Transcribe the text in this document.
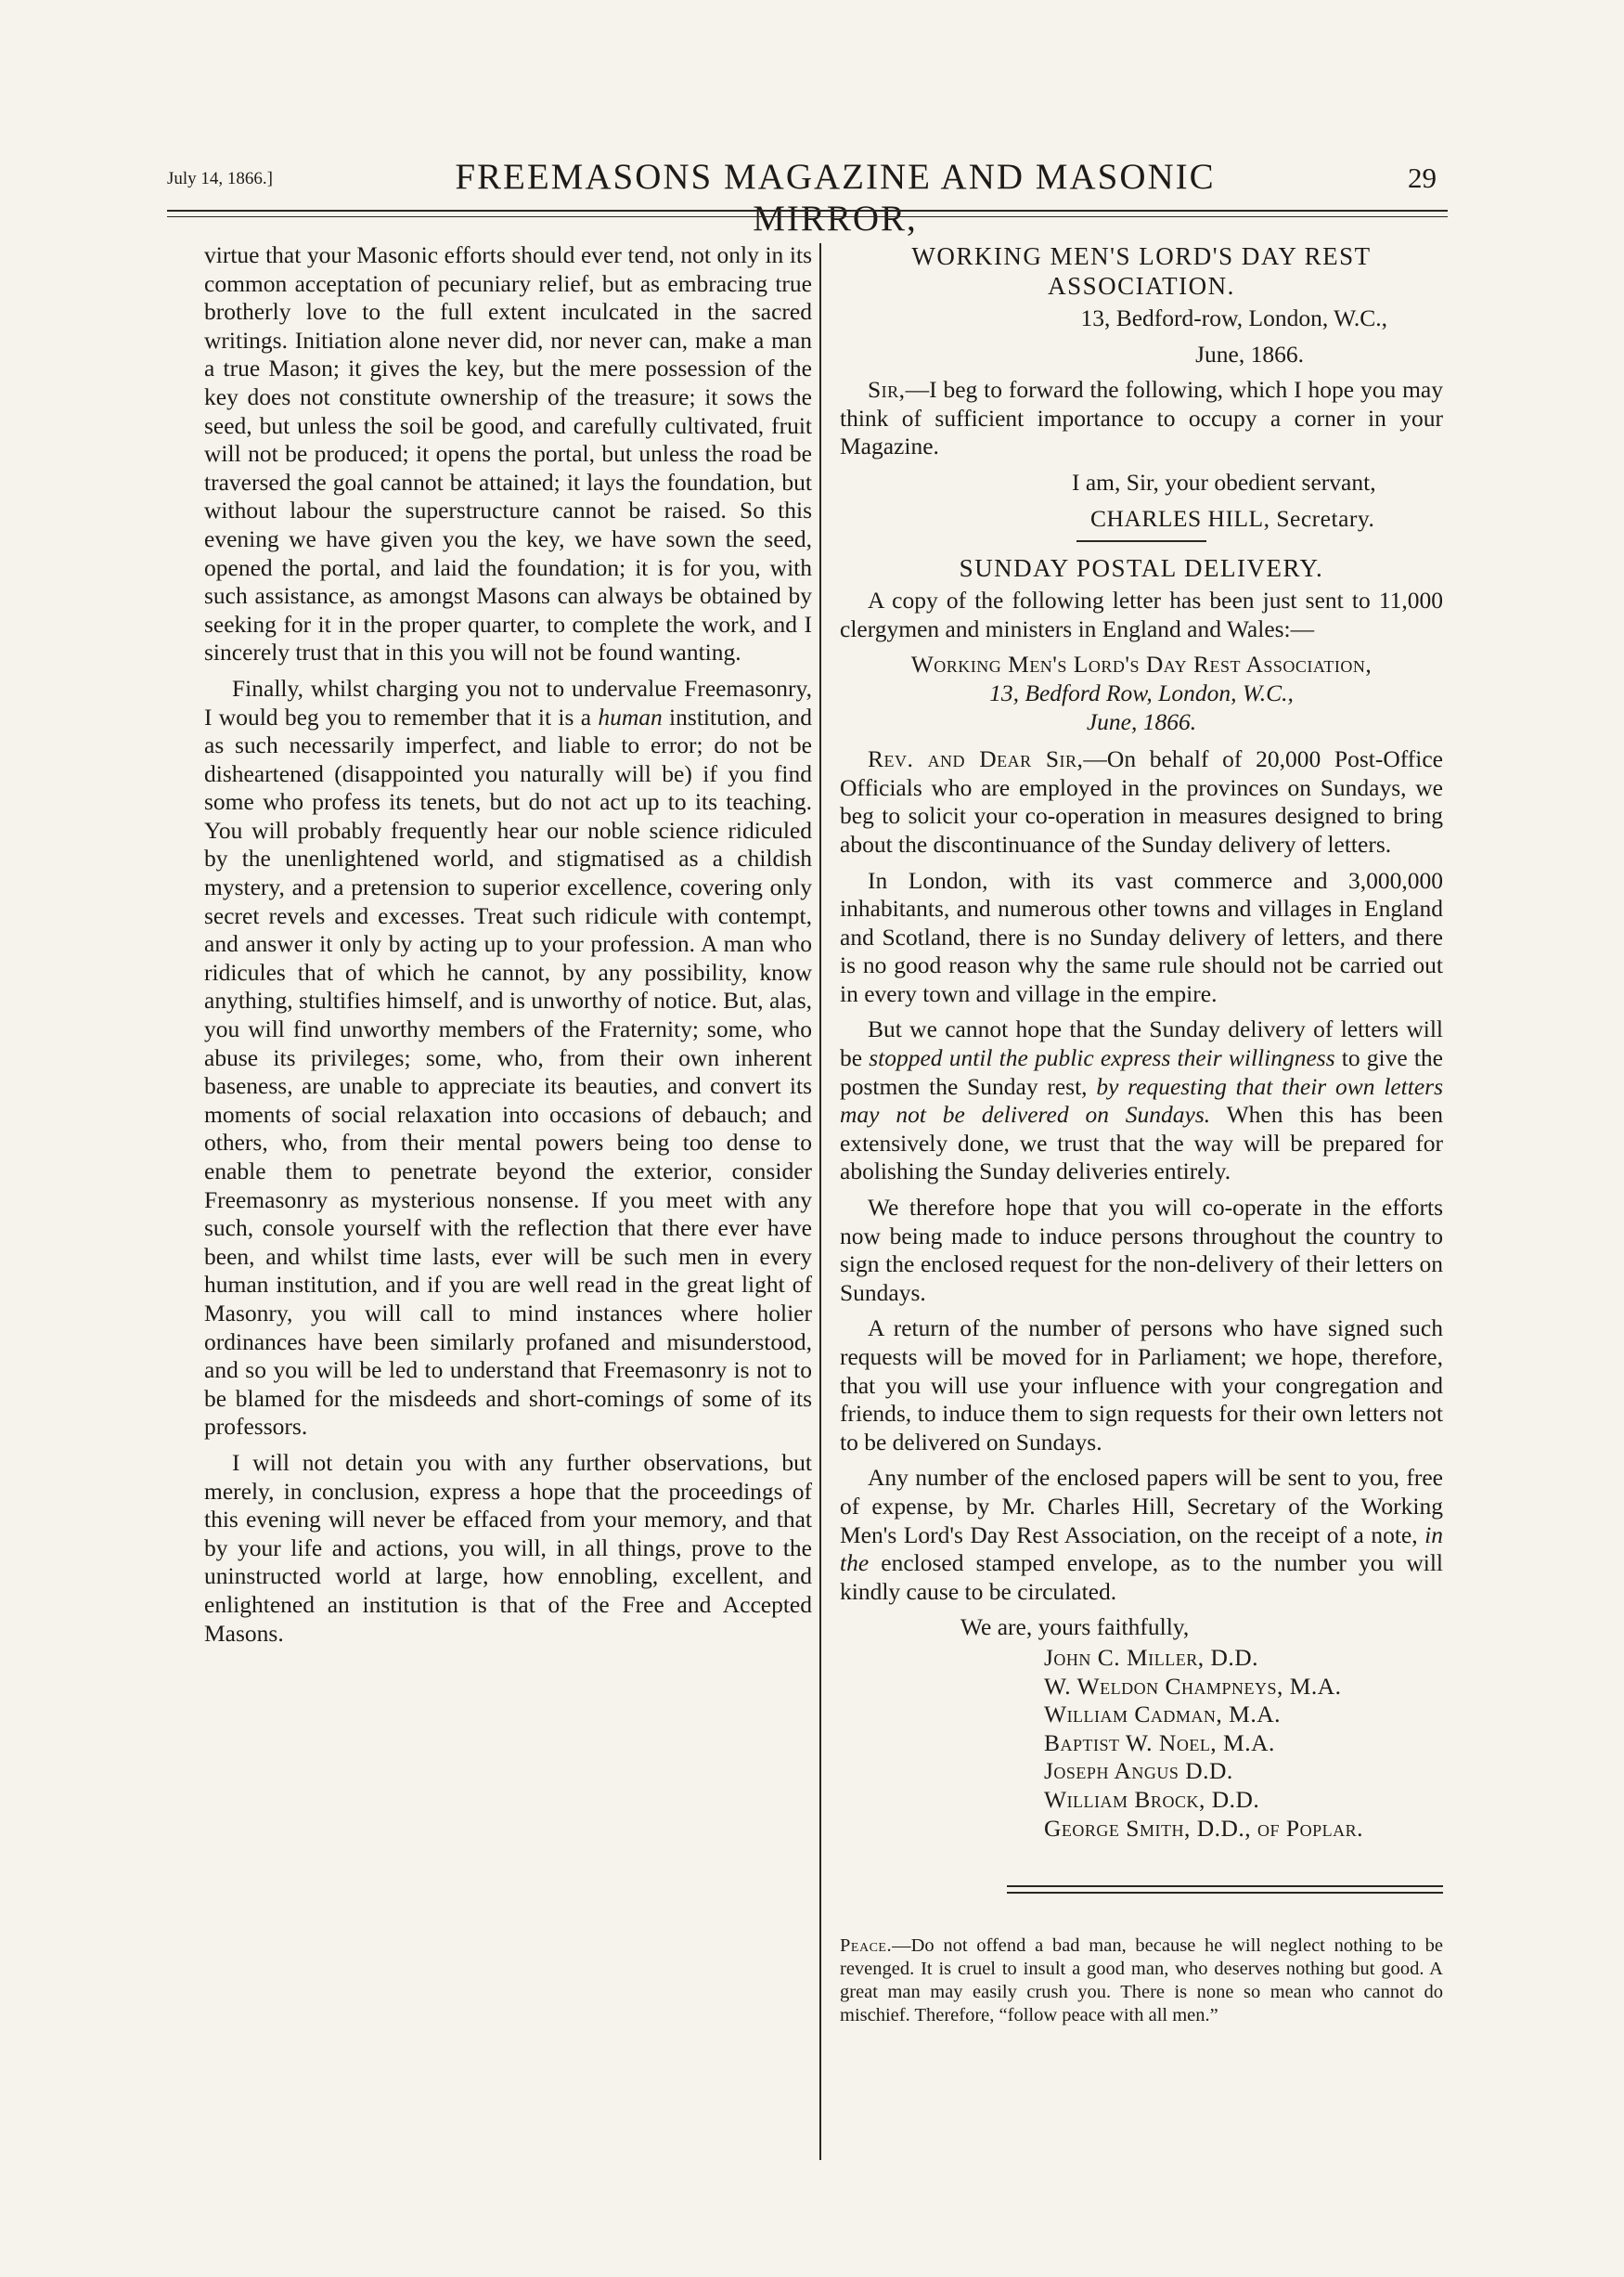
July 14, 1866.]	FREEMASONS MAGAZINE AND MASONIC MIRROR,
29

virtue that your Masonic efforts should ever tend, not only in its common acceptation of pecuniary relief, but as embracing true brotherly love to the full extent inculcated in the sacred writings. Initiation alone never did, nor never can, make a man a true Mason; it gives the key, but the mere possession of the key does not constitute ownership of the treasure; it sows the seed, but unless the soil be good, and carefully cultivated, fruit will not be produced; it opens the portal, but unless the road be traversed the goal cannot be attained; it lays the foundation, but without labour the superstructure cannot be raised. So this evening we have given you the key, we have sown the seed, opened the portal, and laid the foundation; it is for you, with such assistance, as amongst Masons can always be obtained by seeking for it in the proper quarter, to complete the work, and I sincerely trust that in this you will not be found wanting.

Finally, whilst charging you not to undervalue Freemasonry, I would beg you to remember that it is a human institution, and as such necessarily imperfect, and liable to error; do not be disheartened (disappointed you naturally will be) if you find some who profess its tenets, but do not act up to its teaching. You will probably frequently hear our noble science ridiculed by the unenlightened world, and stigmatised as a childish mystery, and a pretension to superior excellence, covering only secret revels and excesses. Treat such ridicule with contempt, and answer it only by acting up to your profession. A man who ridicules that of which he cannot, by any possibility, know anything, stultifies himself, and is unworthy of notice. But, alas, you will find unworthy members of the Fraternity; some, who abuse its privileges; some, who, from their own inherent baseness, are unable to appreciate its beauties, and convert its moments of social relaxation into occasions of debauch; and others, who, from their mental powers being too dense to enable them to penetrate beyond the exterior, consider Freemasonry as mysterious nonsense. If you meet with any such, console yourself with the reflection that there ever have been, and whilst time lasts, ever will be such men in every human institution, and if you are well read in the great light of Masonry, you will call to mind instances where holier ordinances have been similarly profaned and misunderstood, and so you will be led to understand that Freemasonry is not to be blamed for the misdeeds and short-comings of some of its professors.

I will not detain you with any further observations, but merely, in conclusion, express a hope that the proceedings of this evening will never be effaced from your memory, and that by your life and actions, you will, in all things, prove to the uninstructed world at large, how ennobling, excellent, and enlightened an institution is that of the Free and Accepted Masons.

WORKING MEN'S LORD'S DAY REST ASSOCIATION.

13, Bedford-row, London, W.C.,

June, 1866.

Sir,—I beg to forward the following, which I hope you may think of sufficient importance to occupy a corner in your Magazine.

I am, Sir, your obedient servant,

CHARLES HILL, Secretary.

SUNDAY POSTAL DELIVERY.

A copy of the following letter has been just sent to 11,000 clergymen and ministers in England and Wales:—

Working Men's Lord's Day Rest Association,
13, Bedford Row, London, W.C.,
June, 1866.

Rev. and Dear Sir,—On behalf of 20,000 Post-Office Officials who are employed in the provinces on Sundays, we beg to solicit your co-operation in measures designed to bring about the discontinuance of the Sunday delivery of letters.

In London, with its vast commerce and 3,000,000 inhabitants, and numerous other towns and villages in England and Scotland, there is no Sunday delivery of letters, and there is no good reason why the same rule should not be carried out in every town and village in the empire.

But we cannot hope that the Sunday delivery of letters will be stopped until the public express their willingness to give the postmen the Sunday rest, by requesting that their own letters may not be delivered on Sundays. When this has been extensively done, we trust that the way will be prepared for abolishing the Sunday deliveries entirely.

We therefore hope that you will co-operate in the efforts now being made to induce persons throughout the country to sign the enclosed request for the non-delivery of their letters on Sundays.

A return of the number of persons who have signed such requests will be moved for in Parliament; we hope, therefore, that you will use your influence with your congregation and friends, to induce them to sign requests for their own letters not to be delivered on Sundays.

Any number of the enclosed papers will be sent to you, free of expense, by Mr. Charles Hill, Secretary of the Working Men's Lord's Day Rest Association, on the receipt of a note, in the enclosed stamped envelope, as to the number you will kindly cause to be circulated.

We are, yours faithfully,
John C. Miller, D.D.
W. Weldon Champneys, M.A.
William Cadman, M.A.
Baptist W. Noel, M.A.
Joseph Angus D.D.
William Brock, D.D.
George Smith, D.D., of Poplar.
Peace.—Do not offend a bad man, because he will neglect nothing to be revenged. It is cruel to insult a good man, who deserves nothing but good. A great man may easily crush you. There is none so mean who cannot do mischief. Therefore, “follow peace with all men.”
